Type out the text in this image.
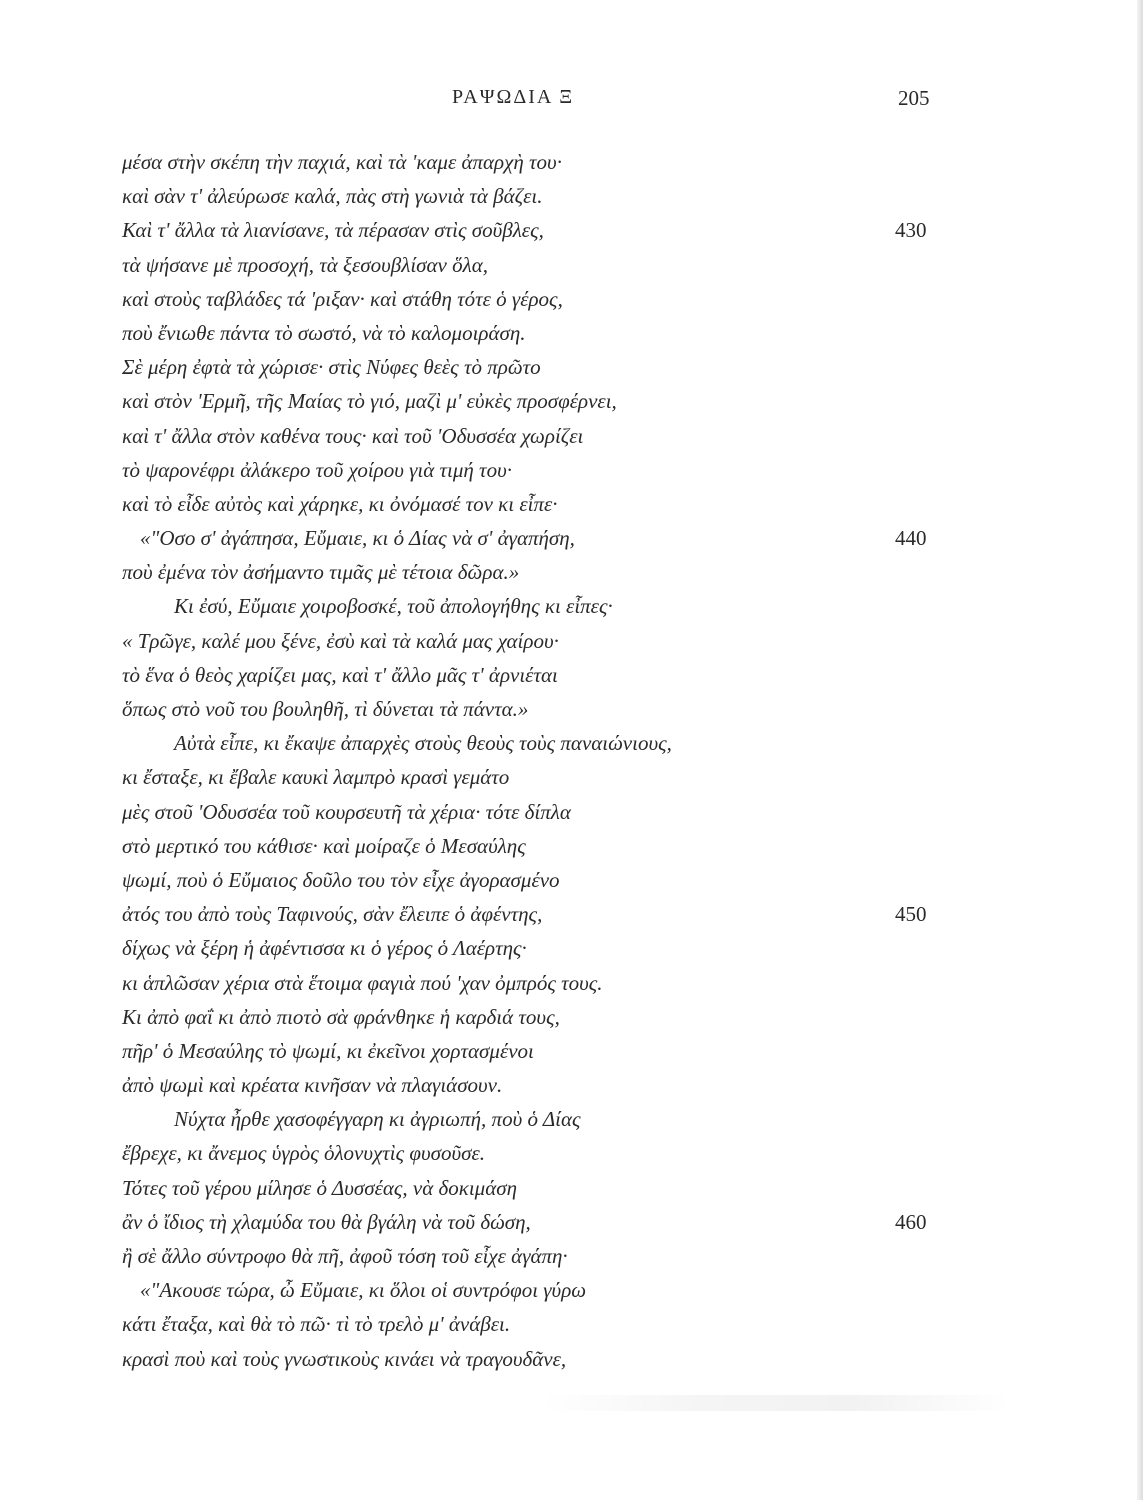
ΡΑΨΩΔΙΑ Ξ	205
μέσα στὴν σκέπη τὴν παχιά, καὶ τὰ 'καμε ἀπαρχὴ του·
καὶ σὰν τ' ἀλεύρωσε καλά, πὰς στὴ γωνιὰ τὰ βάζει.
Καὶ τ' ἄλλα τὰ λιανίσανε, τὰ πέρασαν στὶς σοῦβλες,	430
τὰ ψήσανε μὲ προσοχή, τὰ ξεσουβλίσαν ὅλα,
καὶ στοὺς ταβλάδες τά 'ριξαν· καὶ στάθη τότε ὁ γέρος,
ποὺ ἔνιωθε πάντα τὸ σωστό, νὰ τὸ καλομοιράση.
Σὲ μέρη ἐφτὰ τὰ χώρισε· στὶς Νύφες θεὲς τὸ πρῶτο
καὶ στὸν 'Ερμῆ, τῆς Μαίας τὸ γιό, μαζὶ μ' εὐκὲς προσφέρνει,
καὶ τ' ἄλλα στὸν καθένα τους· καὶ τοῦ 'Οδυσσέα χωρίζει
τὸ ψαρονέφρι ἀλάκερο τοῦ χοίρου γιὰ τιμή του·
καὶ τὸ εἶδε αὐτὸς καὶ χάρηκε, κι ὀνόμασέ τον κι εἶπε·
«"Οσο σ' ἀγάπησα, Εὔμαιε, κι ὁ Δίας νὰ σ' ἀγαπήση,	440
ποὺ ἐμένα τὸν ἀσήμαντο τιμᾶς μὲ τέτοια δῶρα.»
Κι ἐσύ, Εὔμαιε χοιροβοσκέ, τοῦ ἀπολογήθης κι εἶπες·
« Τρῶγε, καλέ μου ξένε, ἐσὺ καὶ τὰ καλά μας χαίρου·
τὸ ἕνα ὁ θεὸς χαρίζει μας, καὶ τ' ἄλλο μᾶς τ' ἀρνιέται
ὅπως στὸ νοῦ του βουληθῆ, τὶ δύνεται τὰ πάντα.»
Αὐτὰ εἶπε, κι ἔκαψε ἀπαρχὲς στοὺς θεοὺς τοὺς παναιώνιους,
κι ἔσταξε, κι ἔβαλε καυκὶ λαμπρὸ κρασὶ γεμάτο
μὲς στοῦ 'Οδυσσέα τοῦ κουρσευτῆ τὰ χέρια· τότε δίπλα
στὸ μερτικό του κάθισε· καὶ μοίραζε ὁ Μεσαύλης
ψωμί, ποὺ ὁ Εὔμαιος δοῦλο του τὸν εἶχε ἀγορασμένο
ἀτός του ἀπὸ τοὺς Ταφινούς, σὰν ἔλειπε ὁ ἀφέντης,	450
δίχως νὰ ξέρη ἡ ἀφέντισσα κι ὁ γέρος ὁ Λαέρτης·
κι ἁπλῶσαν χέρια στὰ ἕτοιμα φαγιὰ πού 'χαν ὀμπρός τους.
Κι ἀπὸ φαΐ κι ἀπὸ πιοτὸ σὰ φράνθηκε ἡ καρδιά τους,
πῆρ' ὁ Μεσαύλης τὸ ψωμί, κι ἐκεῖνοι χορτασμένοι
ἀπὸ ψωμὶ καὶ κρέατα κινῆσαν νὰ πλαγιάσουν.
Νύχτα ἦρθε χασοφέγγαρη κι ἀγριωπή, ποὺ ὁ Δίας
ἔβρεχε, κι ἄνεμος ὑγρὸς ὁλονυχτὶς φυσοῦσε.
Τότες τοῦ γέρου μίλησε ὁ Δυσσέας, νὰ δοκιμάση
ἂν ὁ ἴδιος τὴ χλαμύδα του θὰ βγάλη νὰ τοῦ δώση,	460
ἢ σὲ ἄλλο σύντροφο θὰ πῆ, ἀφοῦ τόση τοῦ εἶχε ἀγάπη·
«"Ακουσε τώρα, ὦ Εὔμαιε, κι ὅλοι οἱ συντρόφοι γύρω
κάτι ἔταξα, καὶ θὰ τὸ πῶ· τὶ τὸ τρελὸ μ' ἀνάβει.
κρασὶ ποὺ καὶ τοὺς γνωστικοὺς κινάει νὰ τραγουδᾶνε,
